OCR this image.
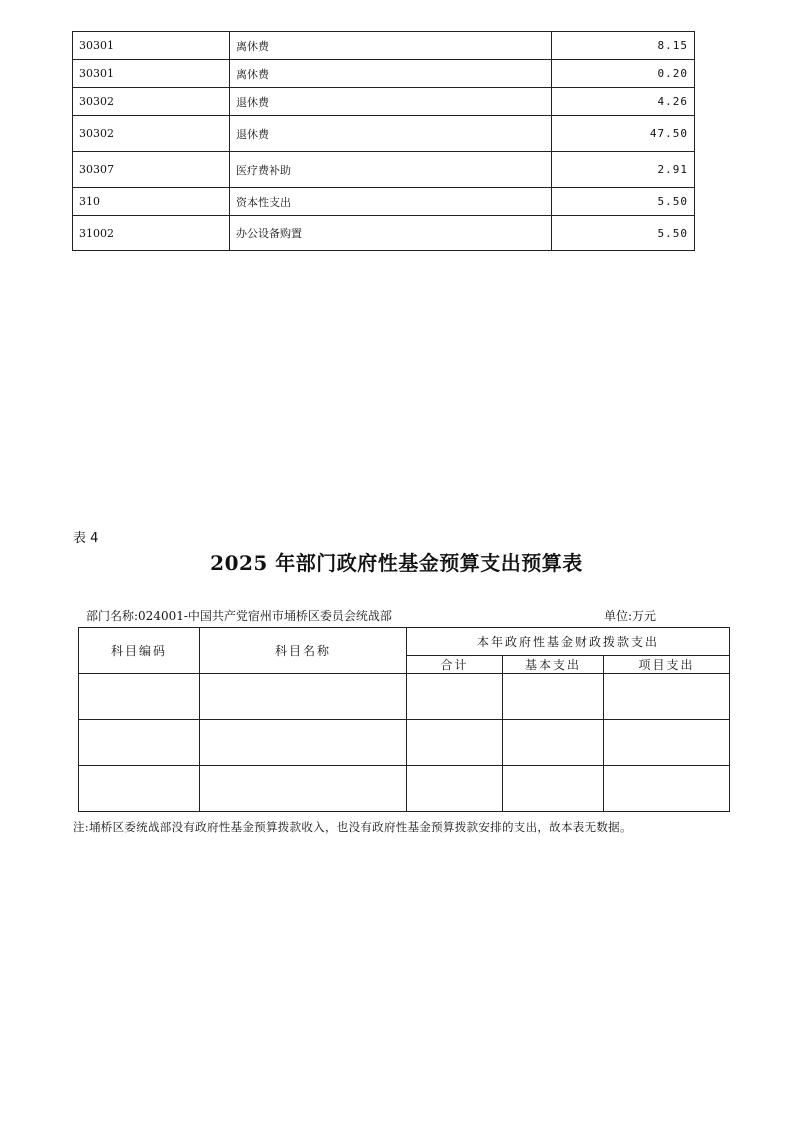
30301	离休费	8.15
30301	离休费	0.20
30302	退休费	4.26
30302	退休费	47.50
30307	医疗费补助	2.91
310	资本性支出	5.50
31002	办公设备购置	5.50
表 4
2025 年部门政府性基金预算支出预算表
部门名称:024001-中国共产党宿州市埇桥区委员会统战部	单位:万元
科目编码	科目名称	本年政府性基金财政拨款支出		
		合计	基本支出	项目支出

注:埇桥区委统战部没有政府性基金预算拨款收入，也没有政府性基金预算拨款安排的支出，故本表无数据。
